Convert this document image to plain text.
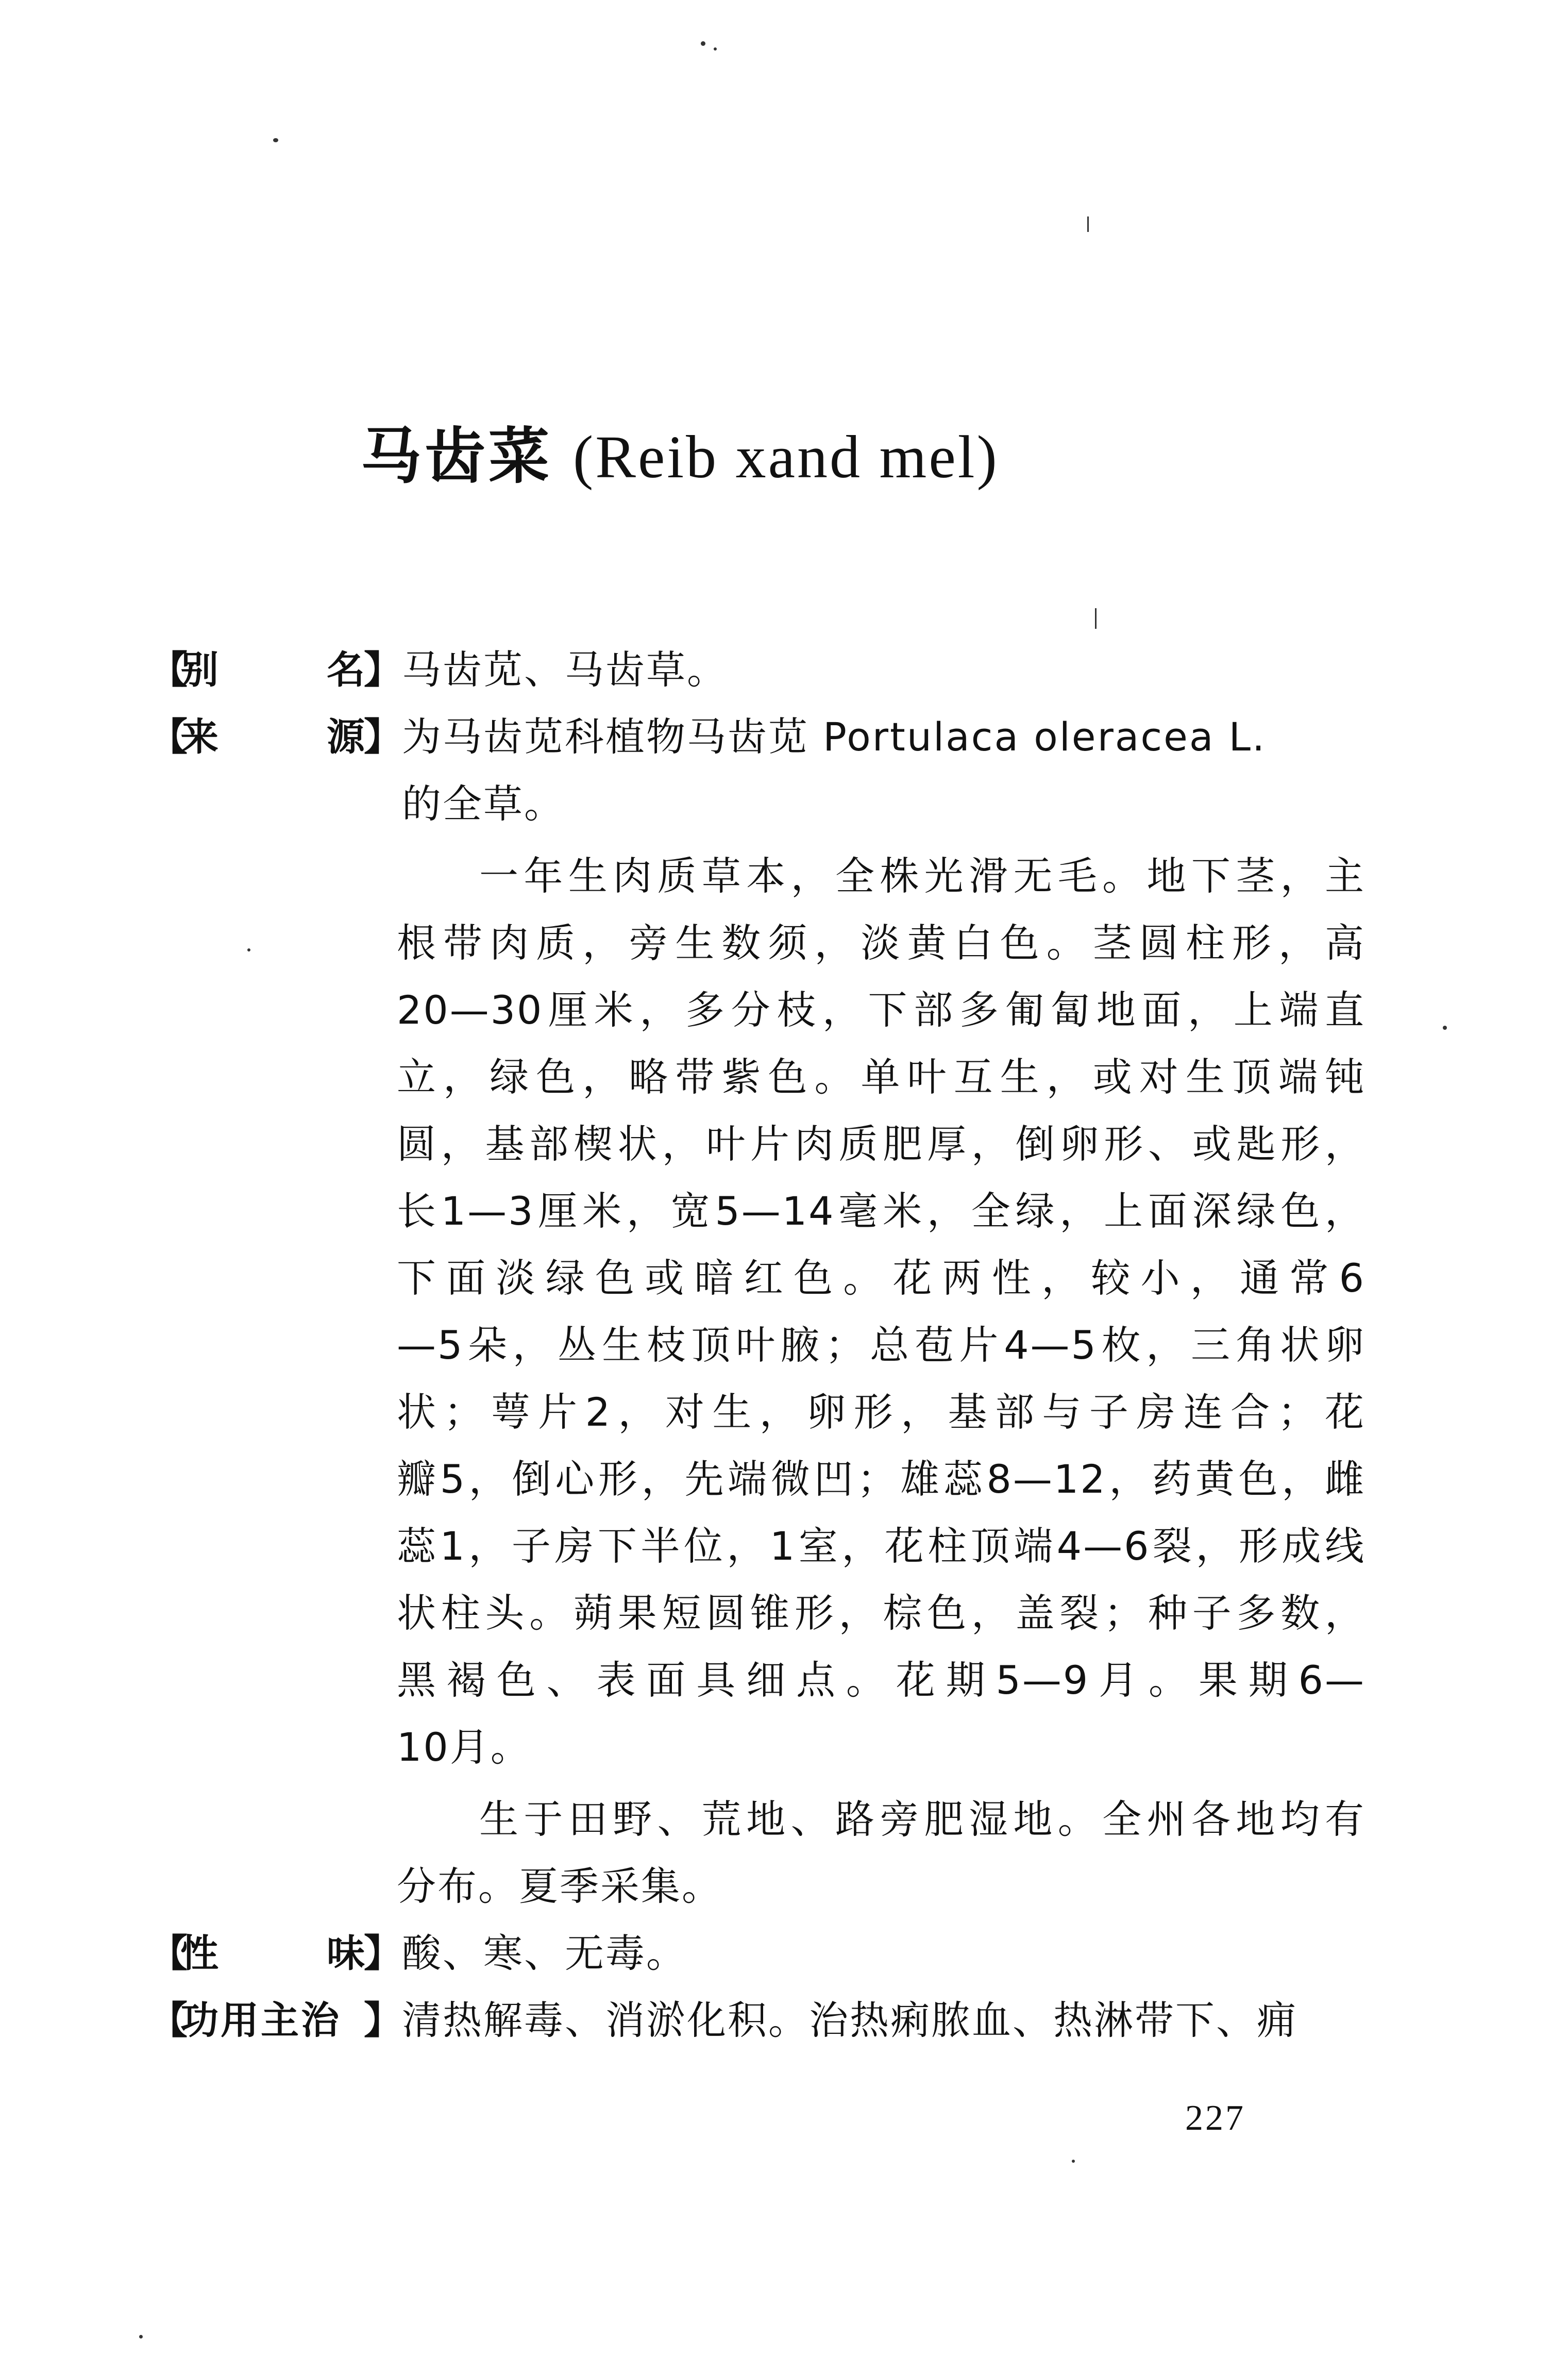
马齿菜 (Reib xand mel)
【
别	名
】 马齿苋、马齿草。
【
来	源
】 为马齿苋科植物马齿苋 Portulaca oleracea L.
的全草。
一年生肉质草本，全株光滑无毛。地下茎，主
根带肉质，旁生数须，淡黄白色。茎圆柱形，高
20—30厘米，多分枝，下部多匍匐地面，上端直
立，绿色，略带紫色。单叶互生，或对生顶端钝
圆，基部楔状，叶片肉质肥厚，倒卵形、或匙形，
长1—3厘米，宽5—14毫米，全绿，上面深绿色，
下面淡绿色或暗红色。花两性，较小，通常6
—5朵，丛生枝顶叶腋；总苞片4—5枚，三角状卵
状；萼片2，对生，卵形，基部与子房连合；花
瓣5，倒心形，先端微凹；雄蕊8—12，药黄色，雌
蕊1，子房下半位，1室，花柱顶端4—6裂，形成线
状柱头。蒴果短圆锥形，棕色，盖裂；种子多数，
黑褐色、表面具细点。花期5—9月。果期6—
10月。
生于田野、荒地、路旁肥湿地。全州各地均有
分布。夏季采集。
【
性	味
】 酸、寒、无毒。
【
功用主治 】 清热解毒、消淤化积。治热痢脓血、热淋带下、痈
227
